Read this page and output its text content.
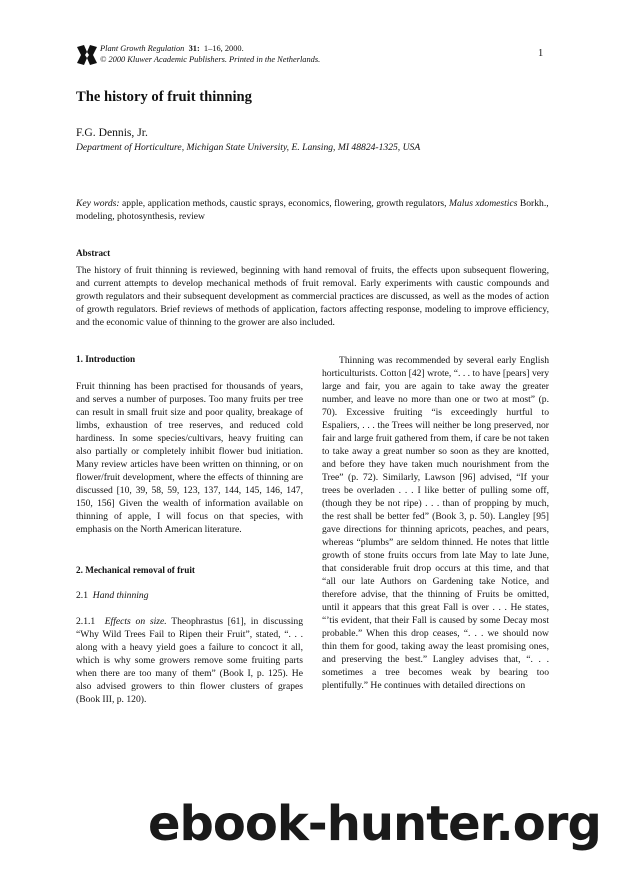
Plant Growth Regulation 31: 1–16, 2000.
© 2000 Kluwer Academic Publishers. Printed in the Netherlands.
1
The history of fruit thinning
F.G. Dennis, Jr.
Department of Horticulture, Michigan State University, E. Lansing, MI 48824-1325, USA
Key words: apple, application methods, caustic sprays, economics, flowering, growth regulators, Malus xdomestics Borkh., modeling, photosynthesis, review
Abstract
The history of fruit thinning is reviewed, beginning with hand removal of fruits, the effects upon subsequent flowering, and current attempts to develop mechanical methods of fruit removal. Early experiments with caustic compounds and growth regulators and their subsequent development as commercial practices are discussed, as well as the modes of action of growth regulators. Brief reviews of methods of application, factors affecting response, modeling to improve efficiency, and the economic value of thinning to the grower are also included.
1. Introduction
Fruit thinning has been practised for thousands of years, and serves a number of purposes. Too many fruits per tree can result in small fruit size and poor quality, breakage of limbs, exhaustion of tree reserves, and reduced cold hardiness. In some species/cultivars, heavy fruiting can also partially or completely inhibit flower bud initiation. Many review articles have been written on thinning, or on flower/fruit development, where the effects of thinning are discussed [10, 39, 58, 59, 123, 137, 144, 145, 146, 147, 150, 156] Given the wealth of information available on thinning of apple, I will focus on that species, with emphasis on the North American literature.
2. Mechanical removal of fruit
2.1 Hand thinning
2.1.1 Effects on size. Theophrastus [61], in discussing “Why Wild Trees Fail to Ripen their Fruit”, stated, “. . . along with a heavy yield goes a failure to concoct it all, which is why some growers remove some fruiting parts when there are too many of them” (Book I, p. 125). He also advised growers to thin flower clusters of grapes (Book III, p. 120).
Thinning was recommended by several early English horticulturists. Cotton [42] wrote, “. . . to have [pears] very large and fair, you are again to take away the greater number, and leave no more than one or two at most” (p. 70). Excessive fruiting “is exceedingly hurtful to Espaliers, . . . the Trees will neither be long preserved, nor fair and large fruit gathered from them, if care be not taken to take away a great number so soon as they are knotted, and before they have taken much nourishment from the Tree” (p. 72). Similarly, Lawson [96] advised, “If your trees be overladen . . . I like better of pulling some off, (though they be not ripe) . . . than of propping by much, the rest shall be better fed” (Book 3, p. 50). Langley [95] gave directions for thinning apricots, peaches, and pears, whereas “plumbs” are seldom thinned. He notes that little growth of stone fruits occurs from late May to late June, that considerable fruit drop occurs at this time, and that “all our late Authors on Gardening take Notice, and therefore advise, that the thinning of Fruits be omitted, until it appears that this great Fall is over . . . He states, “’tis evident, that their Fall is caused by some Decay most probable.” When this drop ceases, “. . . we should now thin them for good, taking away the least promising ones, and preserving the best.” Langley advises that, “. . . sometimes a tree becomes weak by bearing too plentifully.” He continues with detailed directions on
ebook-hunter.org
